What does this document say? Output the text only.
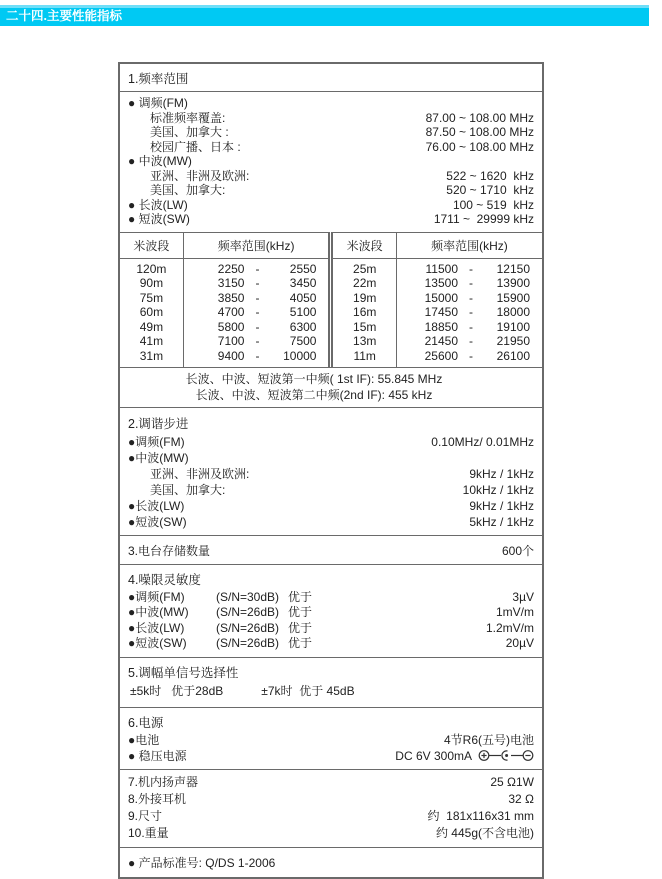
二十四.主要性能指标
1.频率范围
● 调频(FM)
标准频率覆盖:	87.00 ~ 108.00 MHz
美国、加拿大 :	87.50 ~ 108.00 MHz
校园广播、日本 :	76.00 ~ 108.00 MHz
● 中波(MW)
亚洲、非洲及欧洲:	522 ~ 1620  kHz
美国、加拿大:	520 ~ 1710  kHz
● 长波(LW)	100 ~ 519  kHz
● 短波(SW)	1711 ~  29999 kHz
米波段	频率范围(kHz)	米波段	频率范围(kHz)
120m	2250 - 2550	25m	11500 - 12150

90m	3150 - 3450	22m	13500 - 13900

75m	3850 - 4050	19m	15000 - 15900

60m	4700 - 5100	16m	17450 - 18000

49m	5800 - 6300	15m	18850 - 19100

41m	7100 - 7500	13m	21450 - 21950

31m	9400 - 10000	11m	25600 - 26100
长波、中波、短波第一中频( 1st IF): 55.845 MHz
长波、中波、短波第二中频(2nd IF): 455 kHz
2.调谐步进
●调频(FM)	0.10MHz/ 0.01MHz
●中波(MW)
亚洲、非洲及欧洲:	9kHz / 1kHz
美国、加拿大:	10kHz / 1kHz
●长波(LW)	9kHz / 1kHz
●短波(SW)	5kHz / 1kHz
3.电台存储数量	600个
4.噪限灵敏度
●调频(FM)	(S/N=30dB) 优于	3µV
●中波(MW)	(S/N=26dB) 优于	1mV/m
●长波(LW)	(S/N=26dB) 优于	1.2mV/m
●短波(SW)	(S/N=26dB) 优于	20µV
5.调幅单信号选择性
±5k时   优于28dB	±7k时  优于 45dB
6.电源
●电池	4节R6(五号)电池
● 稳压电源	DC 6V 300mA
7.机内扬声器	25 Ω1W
8.外接耳机	32 Ω
9.尺寸	约  181x116x31 mm
10.重量	约 445g(不含电池)
● 产品标准号: Q/DS 1-2006
